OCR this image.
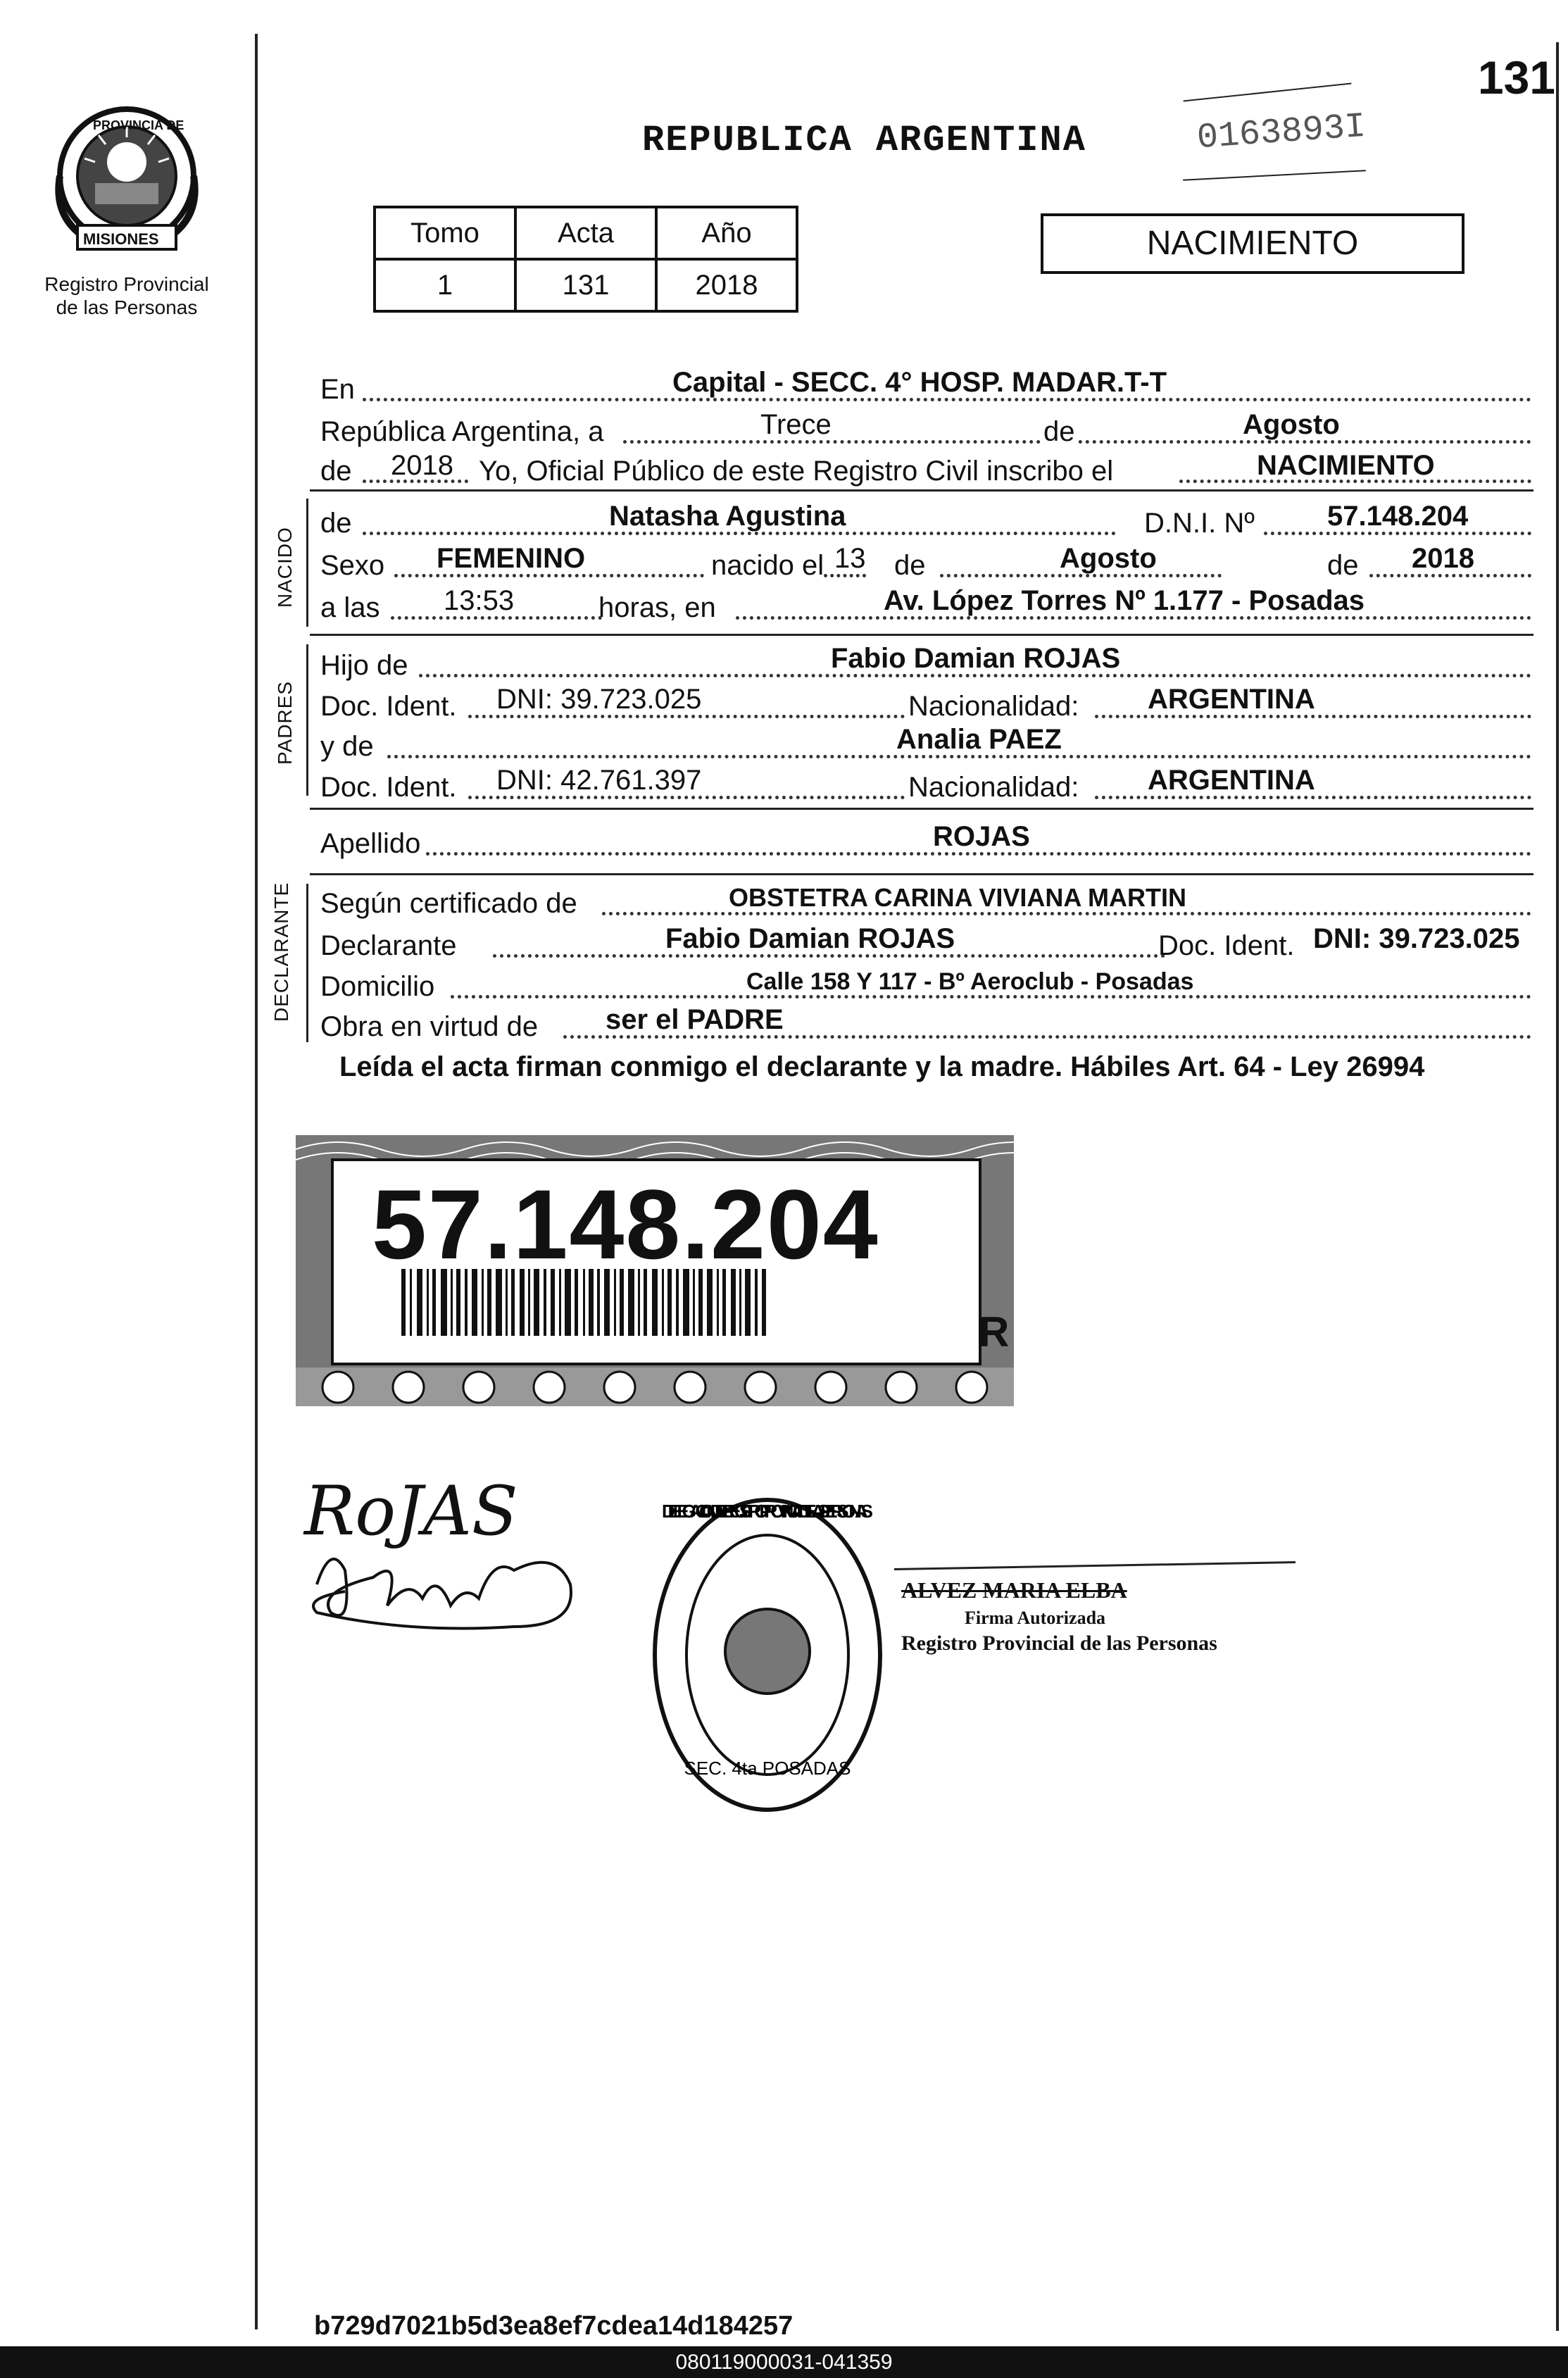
PROVINCIA DE
MISIONES
Registro Provincial
de las Personas
131
REPUBLICA ARGENTINA	0163893I
Tomo	Acta	Año
1	131	2018
NACIMIENTO
En	Capital - SECC. 4° HOSP. MADAR.T-T
República Argentina, a	Trece	de	Agosto
de 2018 Yo, Oficial Público de este Registro Civil inscribo el	NACIMIENTO
NACIDO
de	Natasha Agustina	D.N.I. Nº	57.148.204
Sexo FEMENINO	nacido el 13 de	Agosto	de 2018
a las 13:53	horas, en	Av. López Torres Nº 1.177 - Posadas
PADRES
Hijo de	Fabio Damian ROJAS
Doc. Ident. DNI: 39.723.025	Nacionalidad: ARGENTINA
y de	Analia PAEZ
Doc. Ident. DNI: 42.761.397	Nacionalidad: ARGENTINA
Apellido	ROJAS
DECLARANTE Según certificado de	OBSTETRA CARINA VIVIANA MARTIN
Declarante	Fabio Damian ROJAS	Doc. Ident. DNI: 39.723.025
Domicilio	Calle 158 Y 117 - Bº Aeroclub - Posadas
Obra en virtud de ser el PADRE
Leída el acta firman conmigo el declarante y la madre. Hábiles Art. 64 - Ley 26994
R
57.148.204
RoJAS	DELEGACION DEL REGISTRO PROVINCIAL DE LAS PERSONAS
SEC. 4ta POSADAS
ALVEZ MARIA ELBA
Firma Autorizada
Registro Provincial de las Personas
b729d7021b5d3ea8ef7cdea14d184257
080119000031-041359
